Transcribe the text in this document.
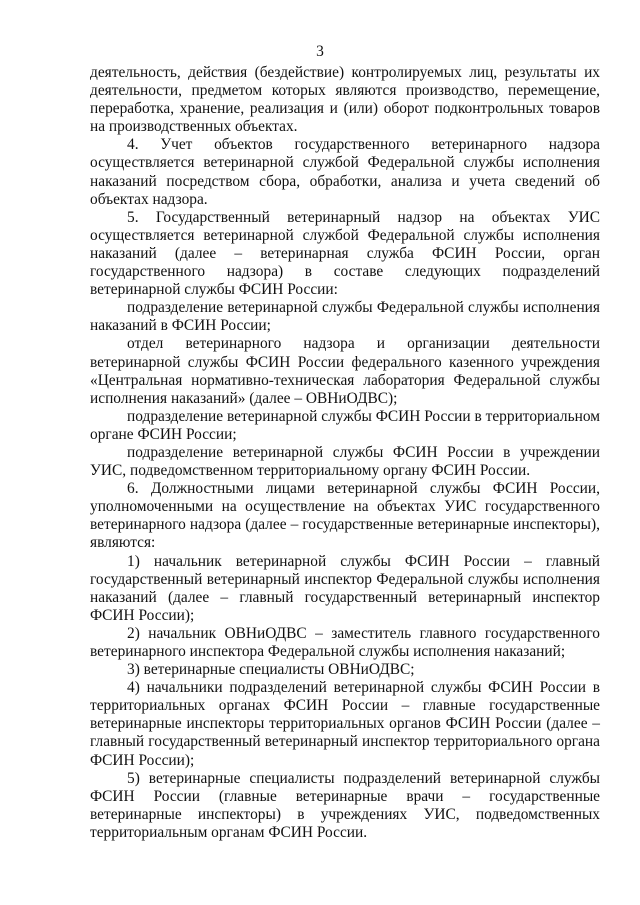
3

деятельность, действия (бездействие) контролируемых лиц, результаты их деятельности, предметом которых являются производство, перемещение, переработка, хранение, реализация и (или) оборот подконтрольных товаров на производственных объектах.

4. Учет объектов государственного ветеринарного надзора осуществляется ветеринарной службой Федеральной службы исполнения наказаний посредством сбора, обработки, анализа и учета сведений об объектах надзора.

5. Государственный ветеринарный надзор на объектах УИС осуществляется ветеринарной службой Федеральной службы исполнения наказаний (далее – ветеринарная служба ФСИН России, орган государственного надзора) в составе следующих подразделений ветеринарной службы ФСИН России:

подразделение ветеринарной службы Федеральной службы исполнения наказаний в ФСИН России;

отдел ветеринарного надзора и организации деятельности ветеринарной службы ФСИН России федерального казенного учреждения «Центральная нормативно-техническая лаборатория Федеральной службы исполнения наказаний» (далее – ОВНиОДВС);

подразделение ветеринарной службы ФСИН России в территориальном органе ФСИН России;

подразделение ветеринарной службы ФСИН России в учреждении УИС, подведомственном территориальному органу ФСИН России.

6. Должностными лицами ветеринарной службы ФСИН России, уполномоченными на осуществление на объектах УИС государственного ветеринарного надзора (далее – государственные ветеринарные инспекторы), являются:

1) начальник ветеринарной службы ФСИН России – главный государственный ветеринарный инспектор Федеральной службы исполнения наказаний (далее – главный государственный ветеринарный инспектор ФСИН России);

2) начальник ОВНиОДВС – заместитель главного государственного ветеринарного инспектора Федеральной службы исполнения наказаний;

3) ветеринарные специалисты ОВНиОДВС;

4) начальники подразделений ветеринарной службы ФСИН России в территориальных органах ФСИН России – главные государственные ветеринарные инспекторы территориальных органов ФСИН России (далее – главный государственный ветеринарный инспектор территориального органа ФСИН России);

5) ветеринарные специалисты подразделений ветеринарной службы ФСИН России (главные ветеринарные врачи – государственные ветеринарные инспекторы) в учреждениях УИС, подведомственных территориальным органам ФСИН России.
